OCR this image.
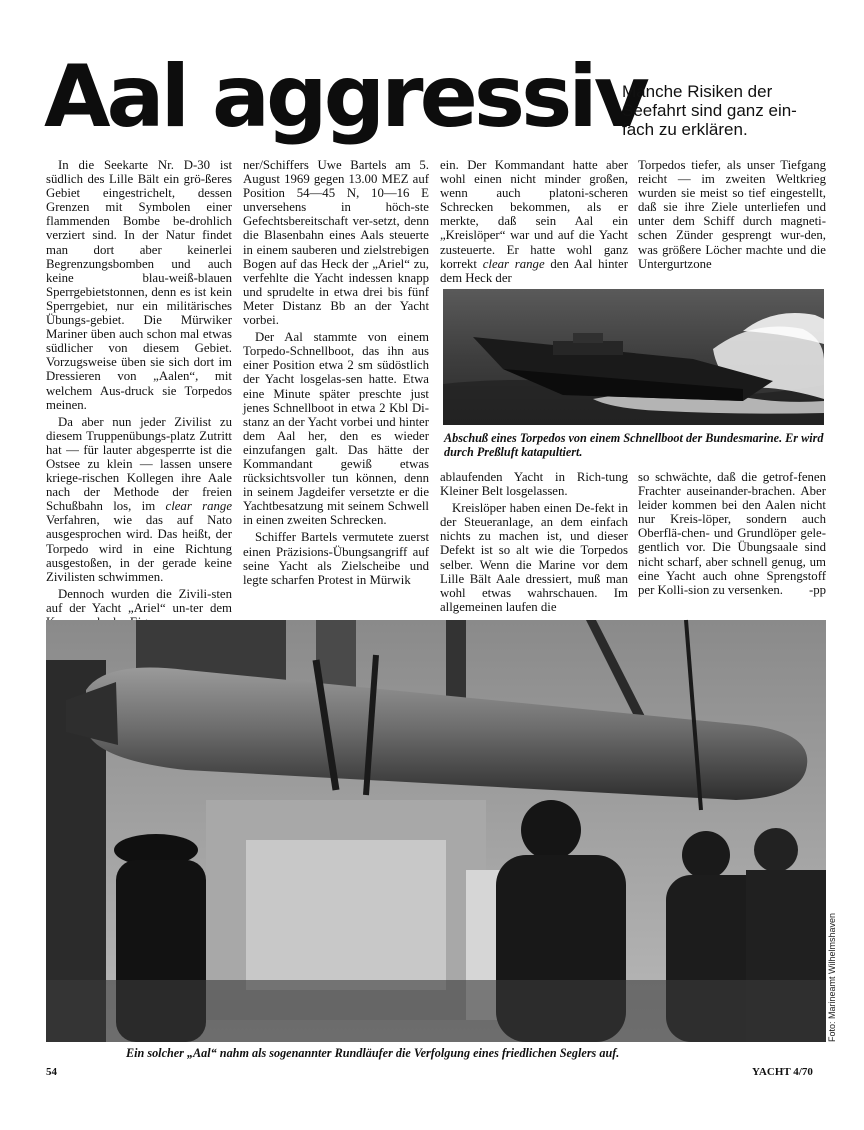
Aal aggressiv
Manche Risiken der Seefahrt sind ganz ein-fach zu erklären.

In die Seekarte Nr. D-30 ist südlich des Lille Bält ein grö-ßeres Gebiet eingestrichelt, dessen Grenzen mit Symbolen einer flammenden Bombe be-drohlich verziert sind. In der Natur findet man dort aber keinerlei Begrenzungsbomben und auch keine blau-weiß-blauen Sperrgebietstonnen, denn es ist kein Sperrgebiet, nur ein militärisches Übungs-gebiet. Die Mürwiker Mariner üben auch schon mal etwas südlicher von diesem Gebiet. Vorzugsweise üben sie sich dort im Dressieren von „Aalen“, mit welchem Aus-druck sie Torpedos meinen.

Da aber nun jeder Zivilist zu diesem Truppenübungs-platz Zutritt hat — für lauter abgesperrte ist die Ostsee zu klein — lassen unsere kriege-rischen Kollegen ihre Aale nach der Methode der freien Schußbahn los, im clear range Verfahren, wie das auf Nato ausgesprochen wird. Das heißt, der Torpedo wird in eine Richtung ausgestoßen, in der gerade keine Zivilisten schwimmen.

Dennoch wurden die Zivili-sten auf der Yacht „Ariel“ un-ter dem

ner/Schiffers Uwe Bartels am 5. August 1969 gegen 13.00 MEZ auf Position 54—45 N, 10—16 E unversehens in höch-ste Gefechtsbereitschaft ver-setzt, denn die Blasenbahn eines Aals steuerte in einem sauberen und zielstrebigen Bogen auf das Heck der „Ariel“ zu, verfehlte die Yacht indessen knapp und sprudelte in etwa drei bis fünf Meter Distanz Bb an der Yacht vorbei.

Der Aal stammte von einem Torpedo-Schnellboot, das ihn aus einer Position etwa 2 sm südöstlich der Yacht losgelas-sen hatte. Etwa eine Minute später preschte just jenes Schnellboot in etwa 2 Kbl Di-stanz an der Yacht vorbei und hinter dem Aal her, den es wieder einzufangen galt. Das hätte der Kommandant gewiß etwas rücksichtsvoller tun können, denn in seinem Jagdeifer versetzte er die Yachtbesatzung mit seinem Schwell in einen zweiten Schrecken.

Schiffer Bartels vermutete zuerst einen Präzisions-Übungsangriff auf seine Yacht als Zielscheibe und legte scharfen Protest in Mürwik

ein. Der Kommandant hatte aber wohl einen nicht minder großen, wenn auch platoni-scheren Schrecken bekommen, als er merkte, daß sein Aal ein „Kreislöper“ war und auf die Yacht zusteuerte. Er hatte wohl ganz korrekt clear range den Aal hinter dem Heck der

Torpedos tiefer, als unser Tiefgang reicht — im zweiten Weltkrieg wurden sie meist so tief eingestellt, daß sie ihre Ziele unterliefen und unter dem Schiff durch magneti-schen Zünder gesprengt wur-den, was größere Löcher machte und die Untergurtzone

Abschuß eines Torpedos von einem Schnellboot der Bundesmarine. Er wird durch Preßluft katapultiert.

ablaufenden Yacht in Rich-tung Kleiner Belt losgelassen.

Kreislöper haben einen De-fekt in der Steueranlage, an dem einfach nichts zu machen ist, und dieser Defekt ist so alt wie die Torpedos selber. Wenn die Marine vor dem Lille Bält Aale dressiert, muß man wohl etwas wahrschauen. Im allgemeinen laufen die

so schwächte, daß die getrof-fenen Frachter auseinander-brachen. Aber leider kommen bei den Aalen nicht nur Kreis-löper, sondern auch Oberflä-chen- und Grundlöper gele-gentlich vor. Die Übungsaale sind nicht scharf, aber schnell genug, um eine Yacht auch ohne Sprengstoff per Kolli-sion zu versenken. -pp

Foto: Marineamt Wilhelmshaven
Ein solcher „Aal“ nahm als sogenannter Rundläufer die Verfolgung eines friedlichen Seglers auf.
54	YACHT 4/70
